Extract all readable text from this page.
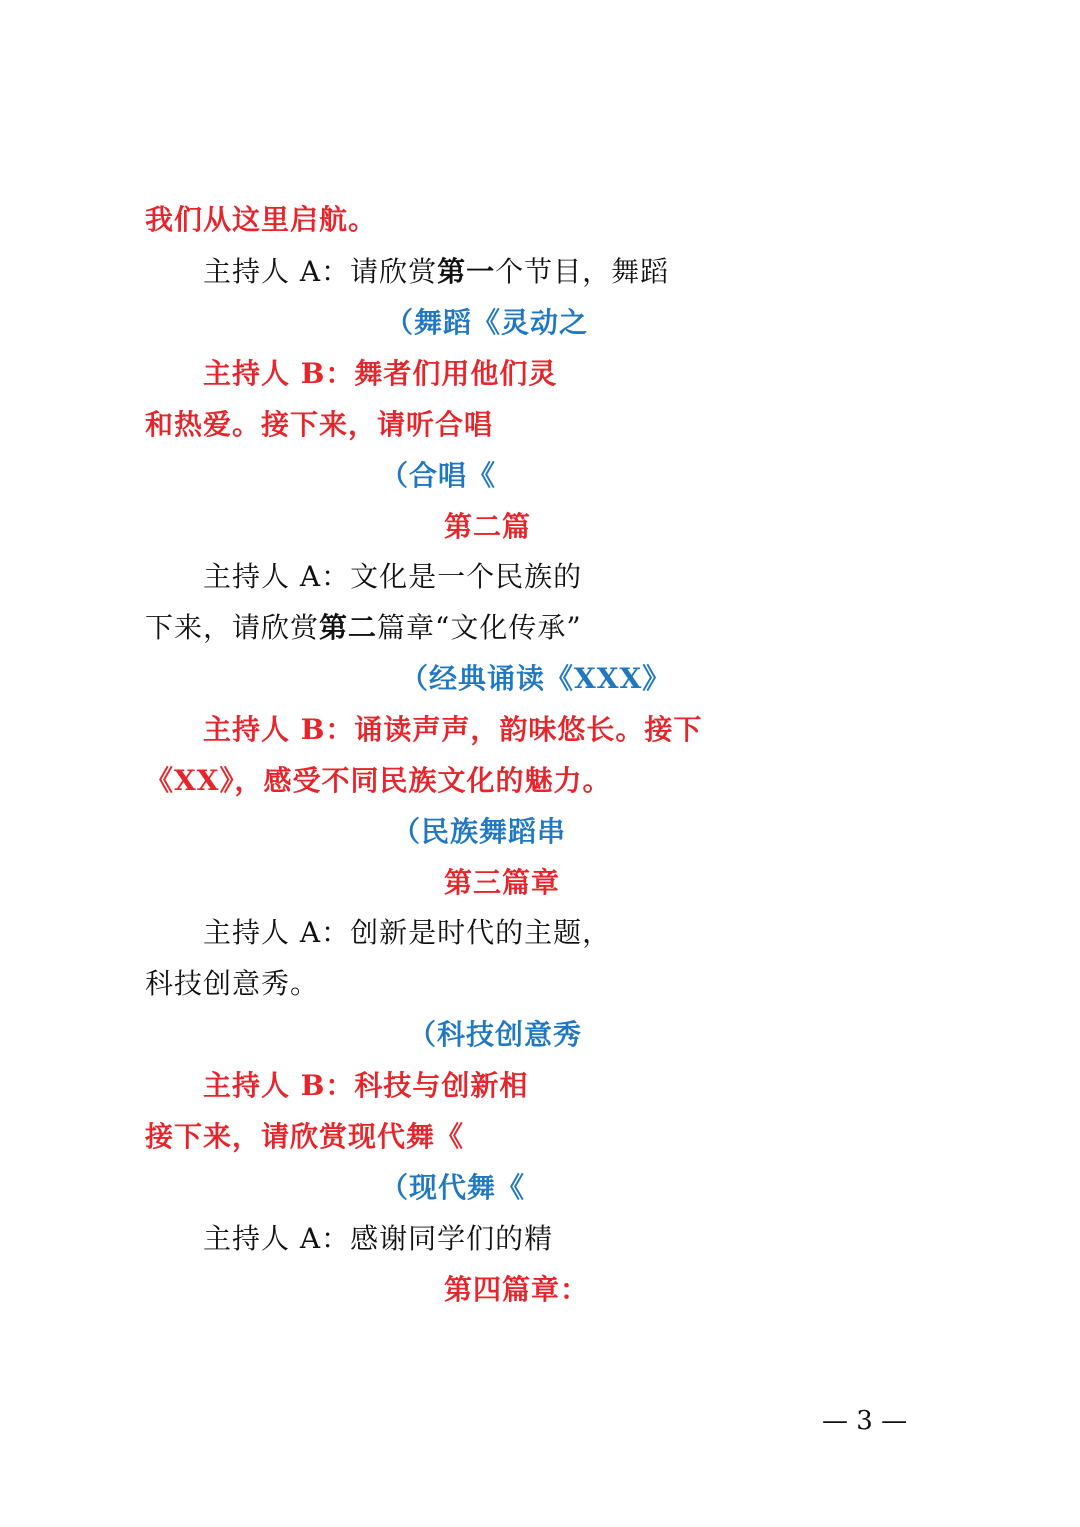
我们从这里启航。
主持人 A：请欣赏第一个节目，舞蹈
（舞蹈《灵动之
主持人 B：舞者们用他们灵
和热爱。接下来，请听合唱
（合唱《
第二篇
主持人 A：文化是一个民族的
下来，请欣赏第二篇章“文化传承”
（经典诵读《XXX》
主持人 B：诵读声声，韵味悠长。接下
《XX》，感受不同民族文化的魅力。
（民族舞蹈串
第三篇章
主持人 A：创新是时代的主题，
科技创意秀。
（科技创意秀
主持人 B：科技与创新相
接下来，请欣赏现代舞《
（现代舞《
主持人 A：感谢同学们的精
第四篇章：
— 3 —
